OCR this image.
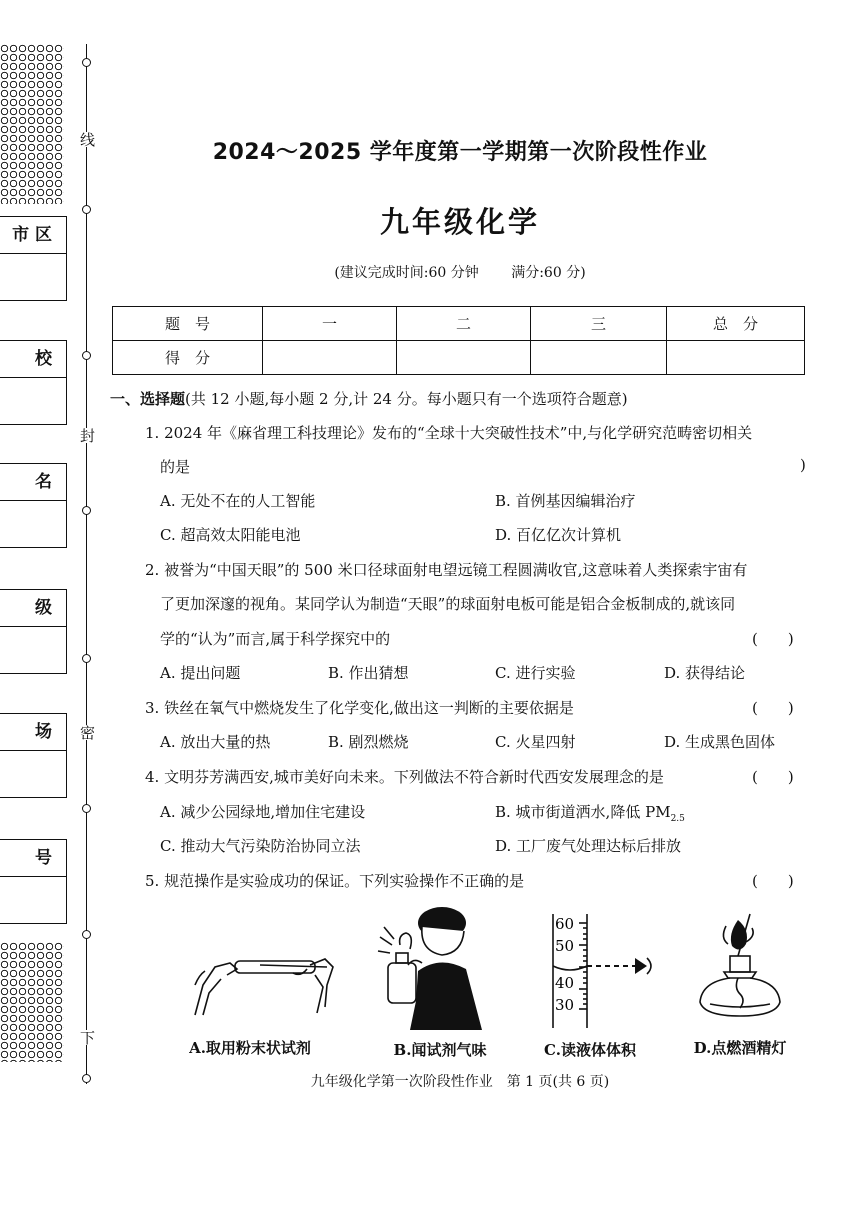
线
封
密
下
市 区
校
名
级
场
号
2024～2025 学年度第一学期第一次阶段性作业
九年级化学
(建议完成时间:60 分钟 满分:60 分)
题　号	一	二	三	总　分
得　分				
一、选择题(共 12 小题,每小题 2 分,计 24 分。每小题只有一个选项符合题意)
1. 2024 年《麻省理工科技理论》发布的“全球十大突破性技术”中,与化学研究范畴密切相关
的是	)
A. 无处不在的人工智能	B. 首例基因编辑治疗
C. 超高效太阳能电池	D. 百亿亿次计算机
2. 被誉为“中国天眼”的 500 米口径球面射电望远镜工程圆满收官,这意味着人类探索宇宙有
了更加深邃的视角。某同学认为制造“天眼”的球面射电板可能是铝合金板制成的,就该同
学的“认为”而言,属于科学探究中的	(　　)
A. 提出问题	B. 作出猜想	C. 进行实验	D. 获得结论
3. 铁丝在氧气中燃烧发生了化学变化,做出这一判断的主要依据是	(　　)
A. 放出大量的热	B. 剧烈燃烧	C. 火星四射	D. 生成黑色固体
4. 文明芬芳满西安,城市美好向未来。下列做法不符合新时代西安发展理念的是	(　　)
A. 减少公园绿地,增加住宅建设	B. 城市街道洒水,降低 $PM_{2.5}$
C. 推动大气污染防治协同立法	D. 工厂废气处理达标后排放
5. 规范操作是实验成功的保证。下列实验操作不正确的是	(　　)
60
50
40
30
A.取用粉末状试剂	B.闻试剂气味	C.读液体体积	D.点燃酒精灯
九年级化学第一次阶段性作业　第 1 页(共 6 页)
